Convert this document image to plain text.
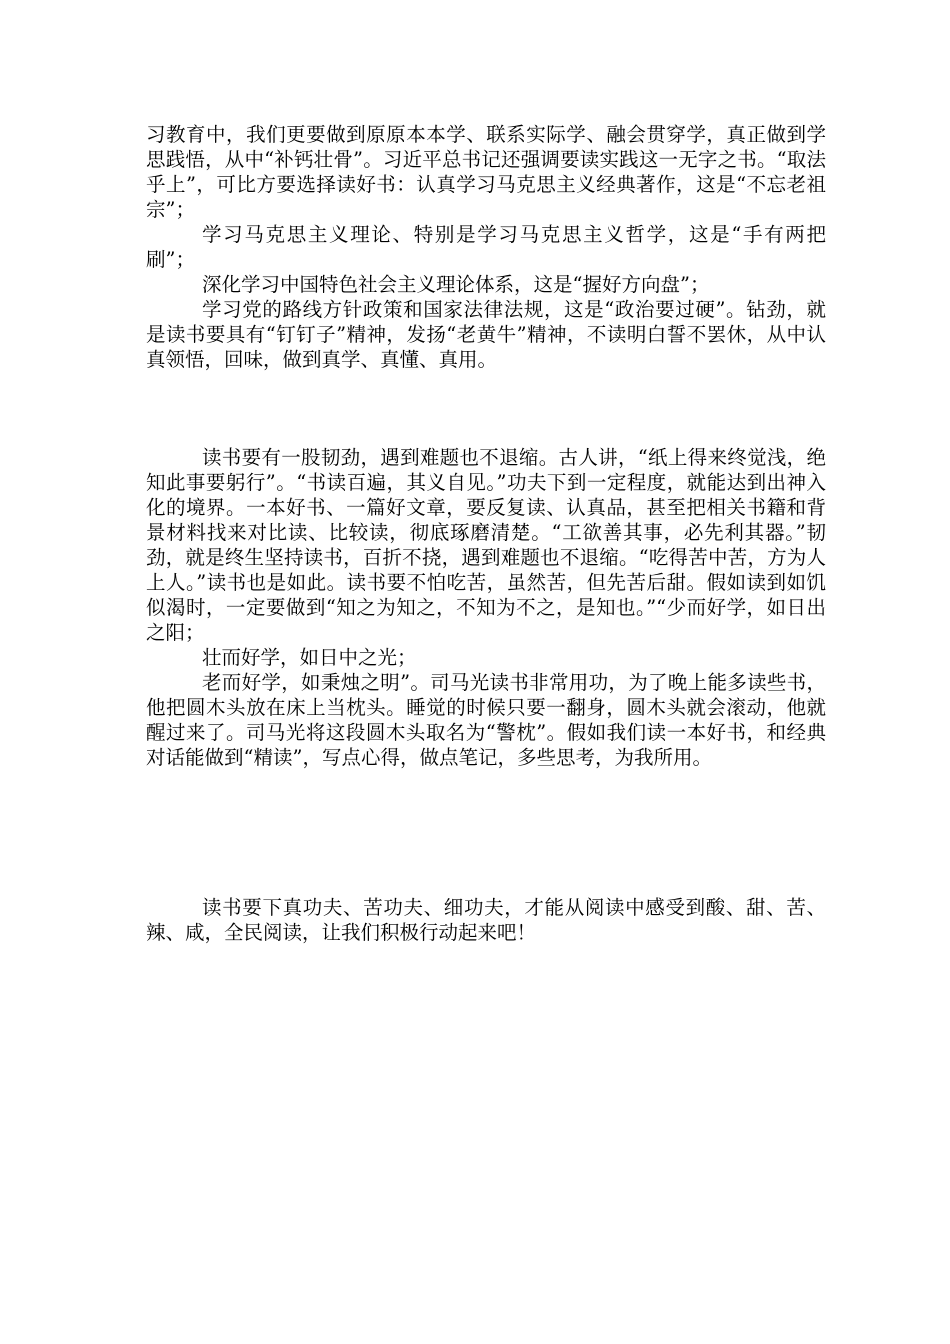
习教育中，我们更要做到原原本本学、联系实际学、融会贯穿学，真正做到学思践悟，从中“补钙壮骨”。习近平总书记还强调要读实践这一无字之书。“取法乎上”，可比方要选择读好书：认真学习马克思主义经典著作，这是“不忘老祖宗”；

学习马克思主义理论、特别是学习马克思主义哲学，这是“手有两把刷”；

深化学习中国特色社会主义理论体系，这是“握好方向盘”；

学习党的路线方针政策和国家法律法规，这是“政治要过硬”。钻劲，就是读书要具有“钉钉子”精神，发扬“老黄牛”精神，不读明白誓不罢休，从中认真领悟，回味，做到真学、真懂、真用。

读书要有一股韧劲，遇到难题也不退缩。古人讲，“纸上得来终觉浅，绝知此事要躬行”。“书读百遍，其义自见。”功夫下到一定程度，就能达到出神入化的境界。一本好书、一篇好文章，要反复读、认真品，甚至把相关书籍和背景材料找来对比读、比较读，彻底琢磨清楚。“工欲善其事，必先利其器。”韧劲，就是终生坚持读书，百折不挠，遇到难题也不退缩。“吃得苦中苦，方为人上人。”读书也是如此。读书要不怕吃苦，虽然苦，但先苦后甜。假如读到如饥似渴时，一定要做到“知之为知之，不知为不之，是知也。”“少而好学，如日出之阳；

壮而好学，如日中之光；

老而好学，如秉烛之明”。司马光读书非常用功，为了晚上能多读些书，他把圆木头放在床上当枕头。睡觉的时候只要一翻身，圆木头就会滚动，他就醒过来了。司马光将这段圆木头取名为“警枕”。假如我们读一本好书，和经典对话能做到“精读”，写点心得，做点笔记，多些思考，为我所用。

读书要下真功夫、苦功夫、细功夫，才能从阅读中感受到酸、甜、苦、辣、咸，全民阅读，让我们积极行动起来吧！
